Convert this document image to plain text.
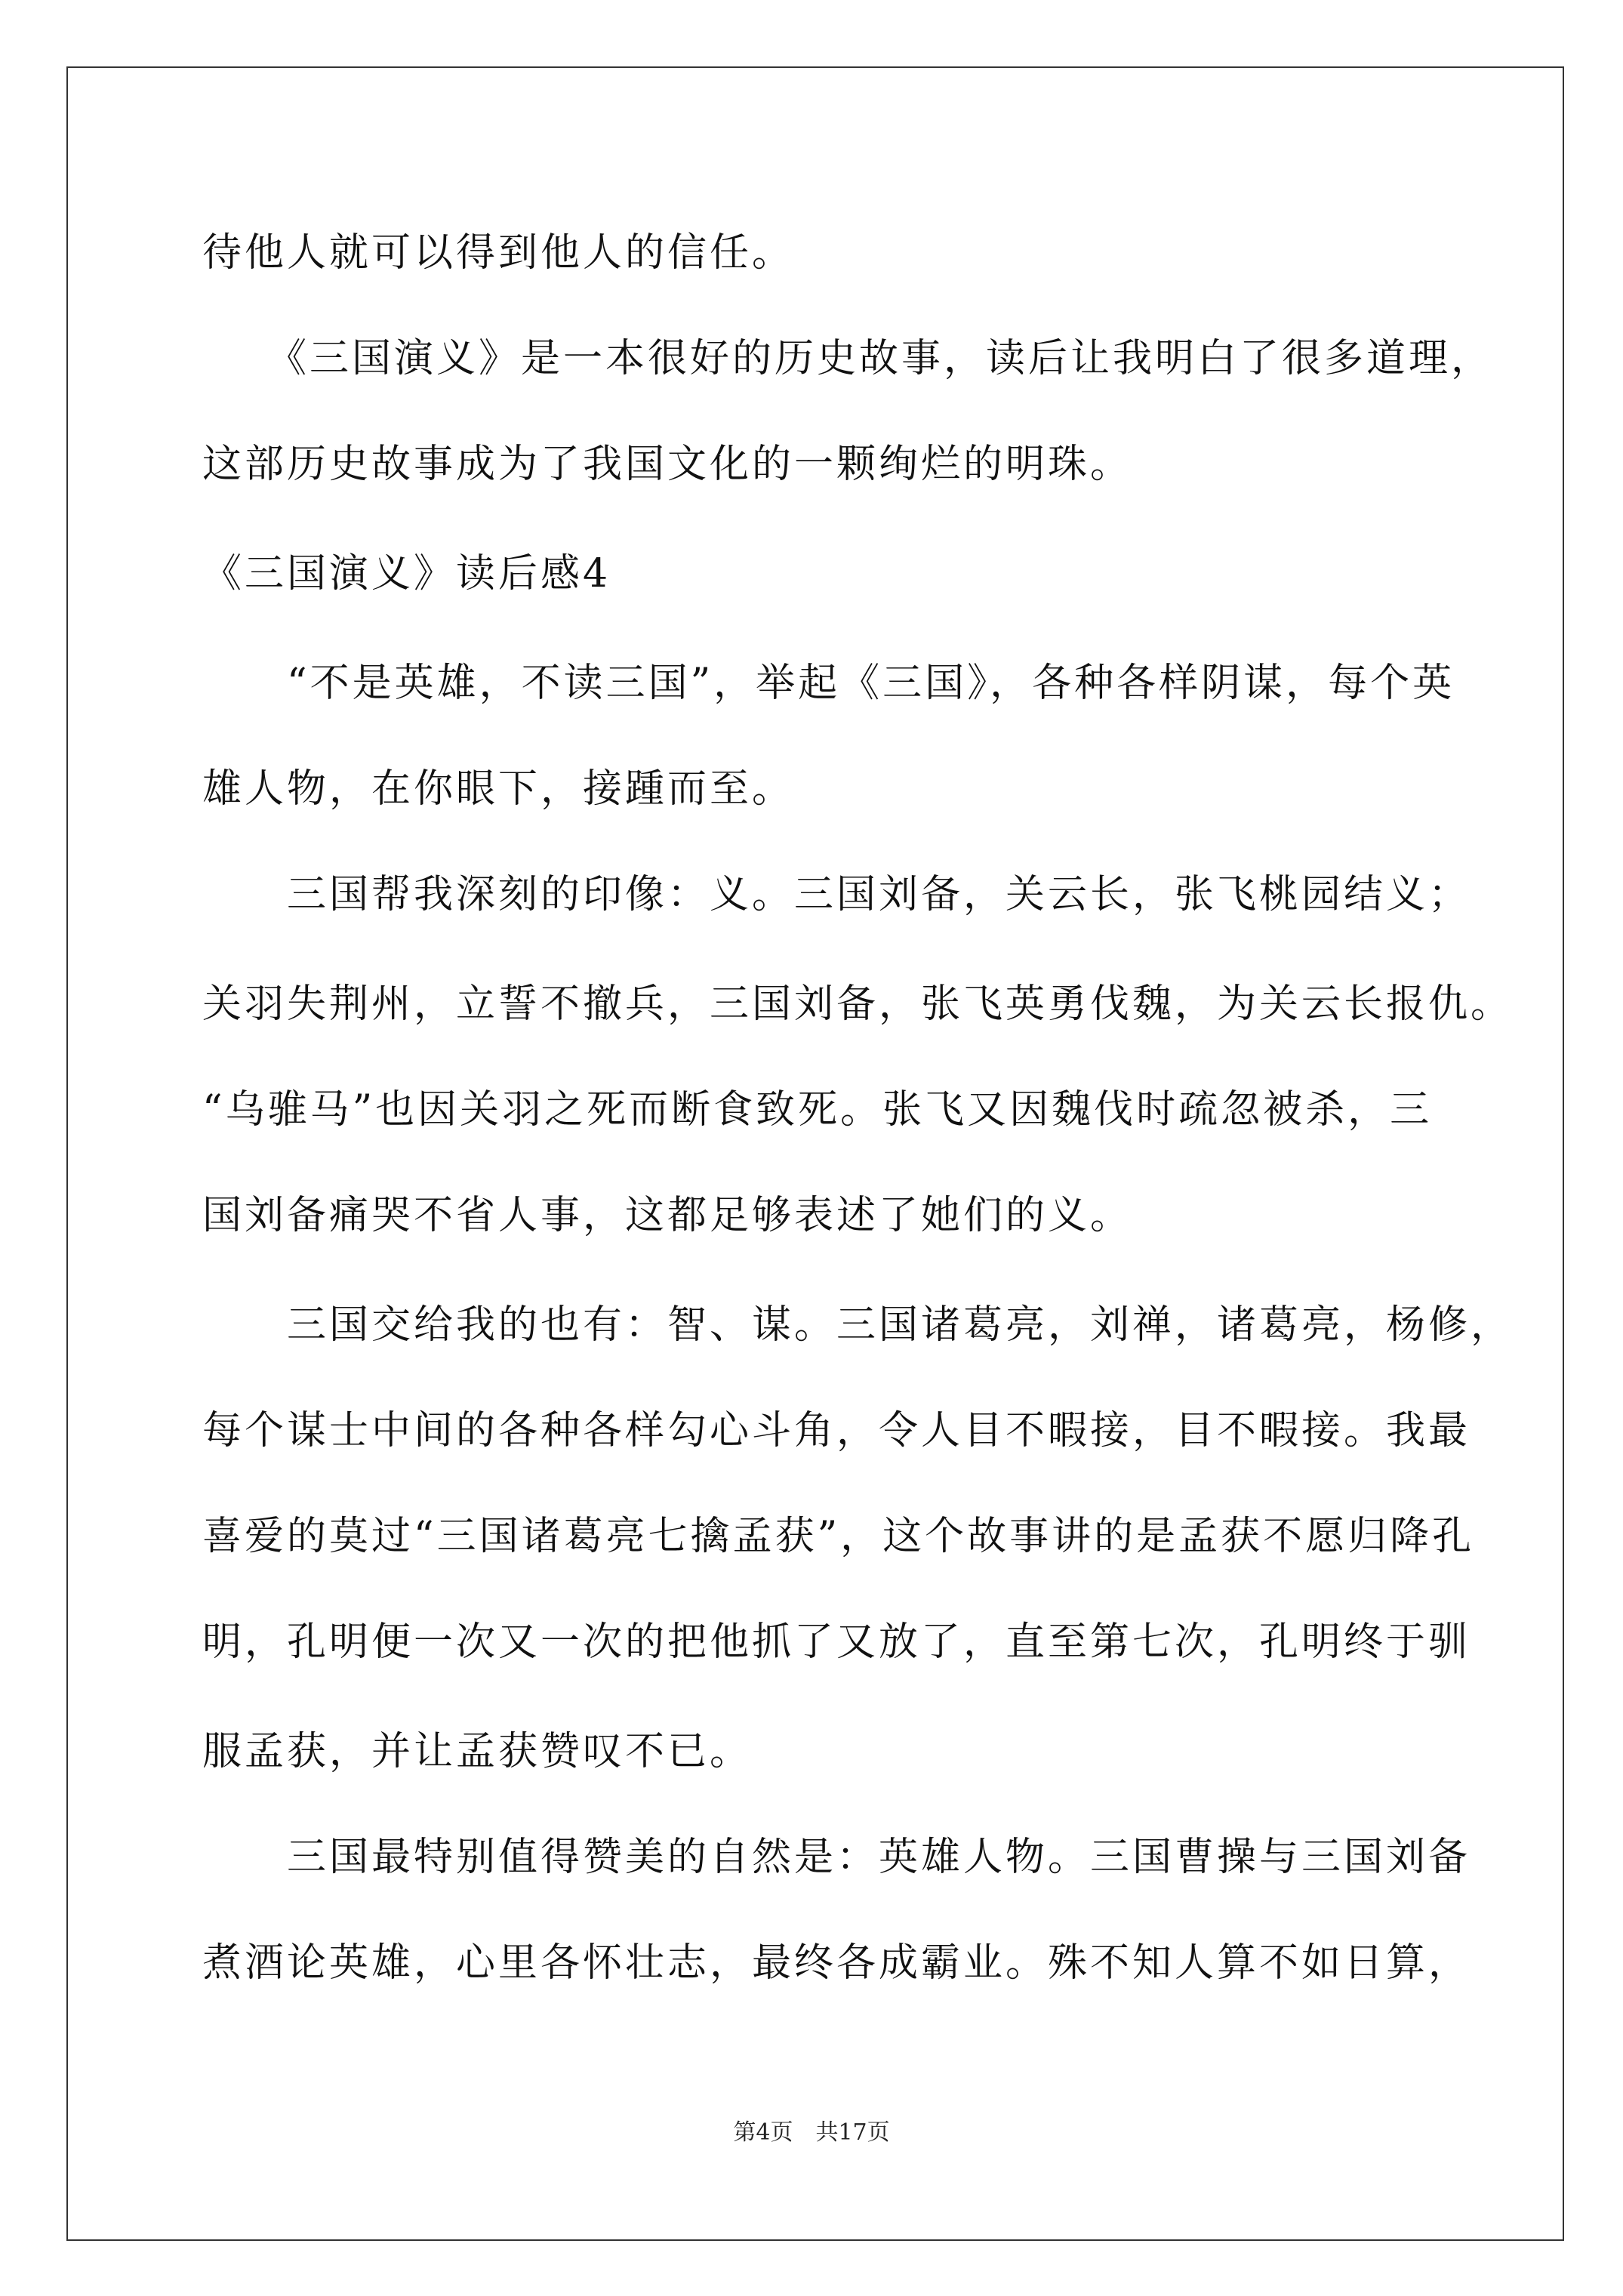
待他人就可以得到他人的信任。
　　《三国演义》是一本很好的历史故事，读后让我明白了很多道理，
这部历史故事成为了我国文化的一颗绚烂的明珠。
《三国演义》读后感4
　　“不是英雄，不读三国”，举起《三国》，各种各样阴谋，每个英
雄人物，在你眼下，接踵而至。
　　三国帮我深刻的印像：义。三国刘备，关云长，张飞桃园结义；
关羽失荆州，立誓不撤兵，三国刘备，张飞英勇伐魏，为关云长报仇。
“乌骓马”也因关羽之死而断食致死。张飞又因魏伐时疏忽被杀，三
国刘备痛哭不省人事，这都足够表述了她们的义。
　　三国交给我的也有：智、谋。三国诸葛亮，刘禅，诸葛亮，杨修，
每个谋士中间的各种各样勾心斗角，令人目不暇接，目不暇接。我最
喜爱的莫过“三国诸葛亮七擒孟获”，这个故事讲的是孟获不愿归降孔
明，孔明便一次又一次的把他抓了又放了，直至第七次，孔明终于驯
服孟获，并让孟获赞叹不已。
　　三国最特别值得赞美的自然是：英雄人物。三国曹操与三国刘备
煮酒论英雄，心里各怀壮志，最终各成霸业。殊不知人算不如日算，
第4页　共17页
